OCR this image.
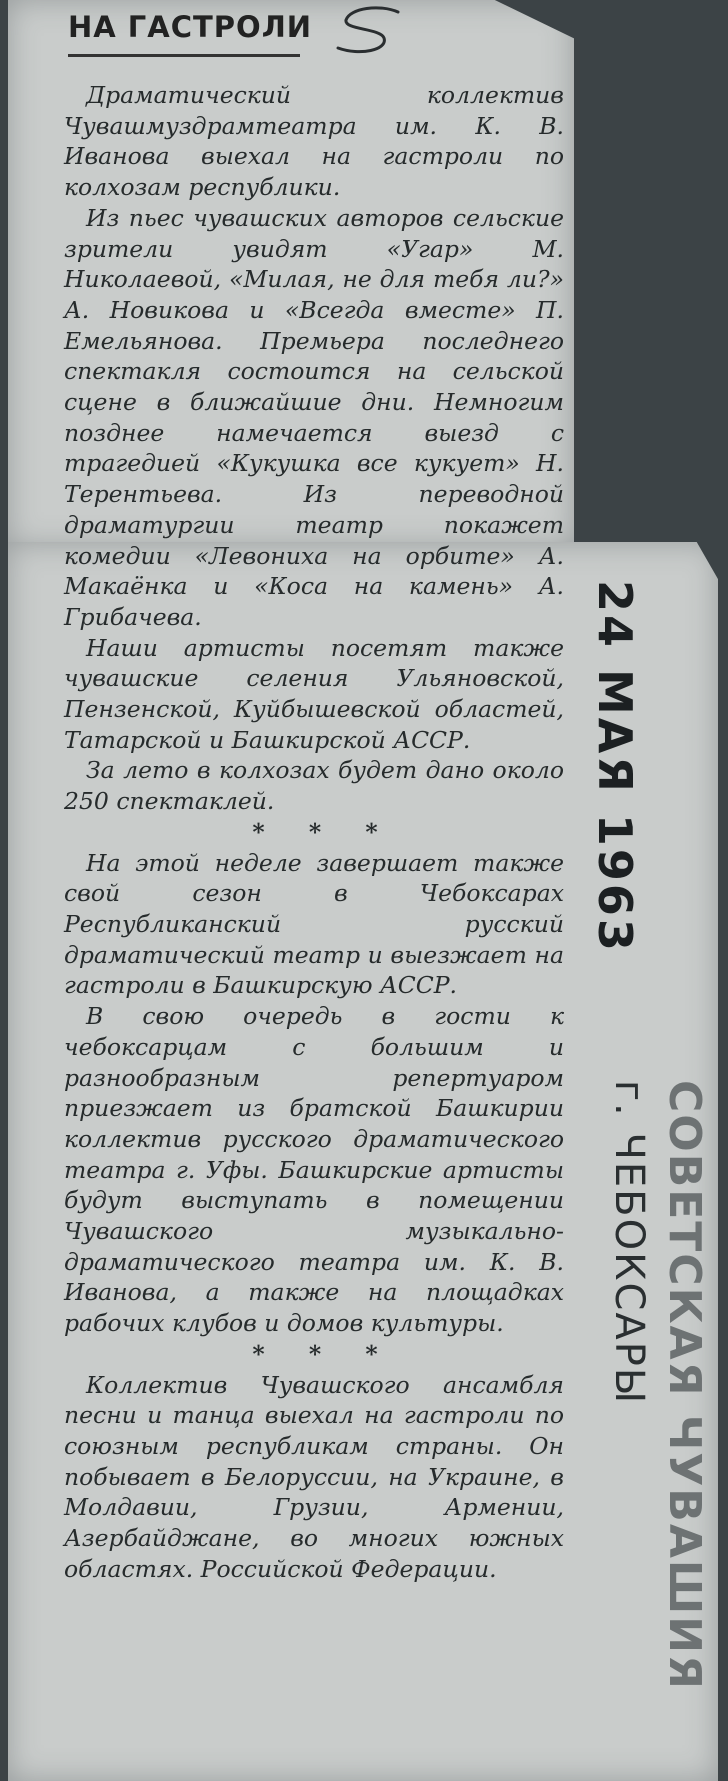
НА ГАСТРОЛИ

Драматический коллектив Чувашмуздрамтеатра им. К. В. Иванова выехал на гастроли по колхозам республики.

Из пьес чувашских авторов сельские зрители увидят «Угар» М. Николаевой, «Милая, не для тебя ли?» А. Новикова и «Всегда вместе» П. Емельянова. Премьера последнего спектакля состоится на сельской сцене в ближайшие дни. Немногим позднее намечается выезд с трагедией «Кукушка все кукует» Н. Терентьева. Из переводной драматургии театр покажет комедии «Левониха на орбите» А. Макаёнка и «Коса на камень» А. Грибачева.

Наши артисты посетят также чувашские селения Ульяновской, Пензенской, Куйбышевской областей, Татарской и Башкирской АССР.

За лето в колхозах будет дано около 250 спектаклей.

* * *

На этой неделе завершает также свой сезон в Чебоксарах Республиканский русский драматический театр и выезжает на гастроли в Башкирскую АССР.

В свою очередь в гости к чебоксарцам с большим и разнообразным репертуаром приезжает из братской Башкирии коллектив русского драматического театра г. Уфы. Башкирские артисты будут выступать в помещении Чувашского музыкально-драматического театра им. К. В. Иванова, а также на площадках рабочих клубов и домов культуры.

* * *

Коллектив Чувашского ансамбля песни и танца выехал на гастроли по союзным республикам страны. Он побывает в Белоруссии, на Украине, в Молдавии, Грузии, Армении, Азербайджане, во многих южных областях. Российской Федерации.

24 МАЯ 1963
СОВЕТСКАЯ ЧУВАШИЯ
г. ЧЕБОКСАРЫ
